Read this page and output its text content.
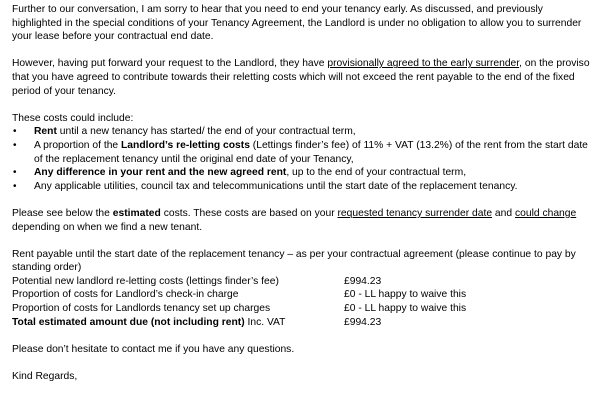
Further to our conversation, I am sorry to hear that you need to end your tenancy early. As discussed, and previously highlighted in the special conditions of your Tenancy Agreement, the Landlord is under no obligation to allow you to surrender your lease before your contractual end date.

However, having put forward your request to the Landlord, they have provisionally agreed to the early surrender, on the proviso that you have agreed to contribute towards their reletting costs which will not exceed the rent payable to the end of the fixed period of your tenancy.

These costs could include:

• Rent until a new tenancy has started/ the end of your contractual term,
• A proportion of the Landlord’s re-letting costs (Lettings finder’s fee) of 11% + VAT (13.2%) of the rent from the start date of the replacement tenancy until the original end date of your Tenancy,
• Any difference in your rent and the new agreed rent, up to the end of your contractual term,
• Any applicable utilities, council tax and telecommunications until the start date of the replacement tenancy.

Please see below the estimated costs. These costs are based on your requested tenancy surrender date and could change depending on when we find a new tenant.

Rent payable until the start date of the replacement tenancy – as per your contractual agreement (please continue to pay by standing order)

Potential new landlord re-letting costs (lettings finder’s fee)	£994.23
Proportion of costs for Landlord’s check-in charge	£0 - LL happy to waive this
Proportion of costs for Landlords tenancy set up charges	£0 - LL happy to waive this
Total estimated amount due (not including rent) Inc. VAT	£994.23

Please don’t hesitate to contact me if you have any questions.

Kind Regards,
